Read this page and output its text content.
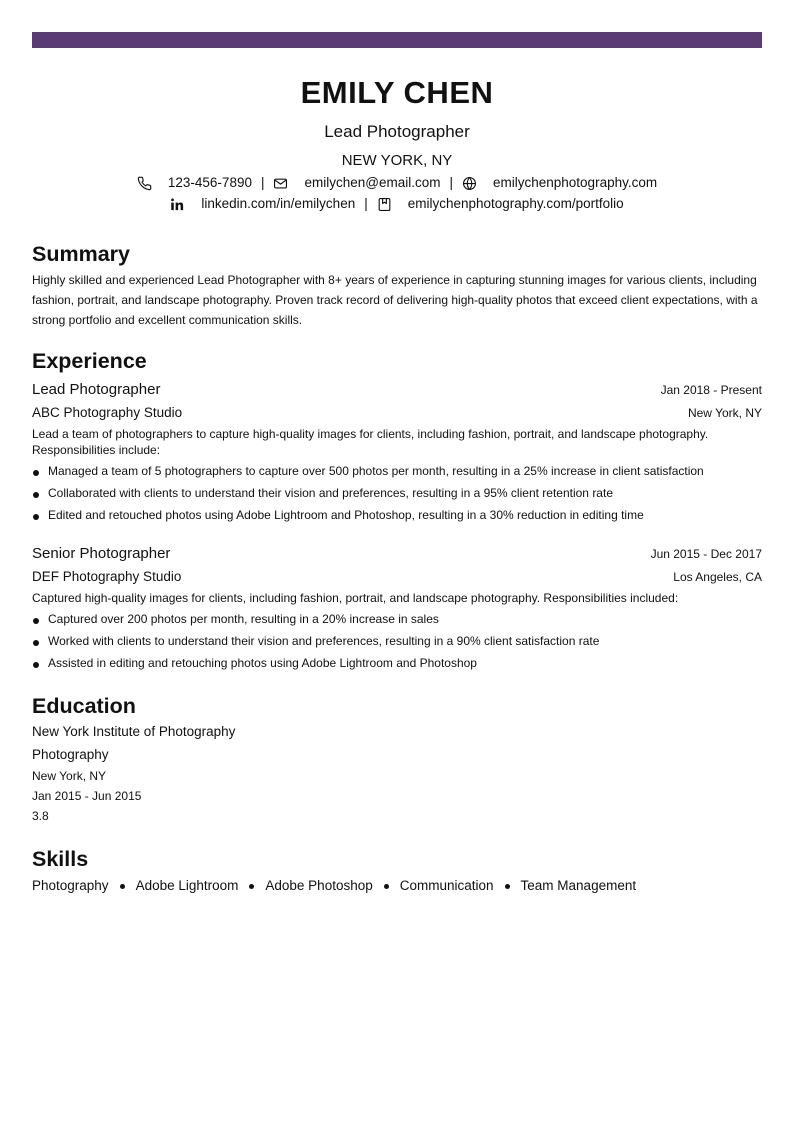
EMILY CHEN
Lead Photographer
NEW YORK, NY
123-456-7890 |	emilychen@email.com |	emilychenphotography.com
linkedin.com/in/emilychen |	emilychenphotography.com/portfolio
Summary

Highly skilled and experienced Lead Photographer with 8+ years of experience in capturing stunning images for various clients, including fashion, portrait, and landscape photography. Proven track record of delivering high-quality photos that exceed client expectations, with a strong portfolio and excellent communication skills.

Experience
Lead Photographer	Jan 2018 - Present
ABC Photography Studio	New York, NY
Lead a team of photographers to capture high-quality images for clients, including fashion, portrait, and landscape photography. Responsibilities include:
Managed a team of 5 photographers to capture over 500 photos per month, resulting in a 25% increase in client satisfaction
Collaborated with clients to understand their vision and preferences, resulting in a 95% client retention rate
Edited and retouched photos using Adobe Lightroom and Photoshop, resulting in a 30% reduction in editing time
Senior Photographer	Jun 2015 - Dec 2017
DEF Photography Studio	Los Angeles, CA
Captured high-quality images for clients, including fashion, portrait, and landscape photography. Responsibilities included:
Captured over 200 photos per month, resulting in a 20% increase in sales
Worked with clients to understand their vision and preferences, resulting in a 90% client satisfaction rate
Assisted in editing and retouching photos using Adobe Lightroom and Photoshop
Education
New York Institute of Photography
Photography
New York, NY
Jan 2015 - Jun 2015
3.8
Skills
Photography Adobe Lightroom Adobe Photoshop Communication Team Management
